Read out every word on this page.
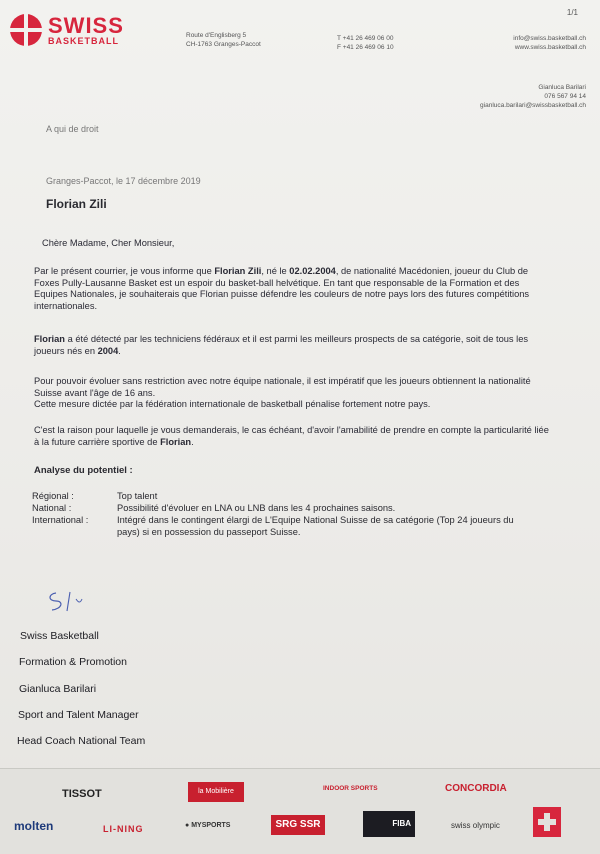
1/1
SWISS
BASKETBALL	Route d'Englisberg 5
CH-1763 Granges-Paccot
T +41 26 469 06 00
F +41 26 469 06 10
info@swiss.basketball.ch
www.swiss.basketball.ch
Gianluca Barilari
076 567 94 14
gianluca.barilari@swissbasketball.ch
A qui de droit
Granges-Paccot, le 17 décembre 2019
Florian Zili
Chère Madame, Cher Monsieur,
Par le présent courrier, je vous informe que Florian Zili, né le 02.02.2004, de nationalité Macédonien, joueur du Club de Foxes Pully-Lausanne Basket est un espoir du basket-ball helvétique. En tant que responsable de la Formation et des Equipes Nationales, je souhaiterais que Florian puisse défendre les couleurs de notre pays lors des futures compétitions internationales.
Florian a été détecté par les techniciens fédéraux et il est parmi les meilleurs prospects de sa catégorie, soit de tous les joueurs nés en 2004.
Pour pouvoir évoluer sans restriction avec notre équipe nationale, il est impératif que les joueurs obtiennent la nationalité Suisse avant l'âge de 16 ans.
Cette mesure dictée par la fédération internationale de basketball pénalise fortement notre pays.
C'est la raison pour laquelle je vous demanderais, le cas échéant, d'avoir l'amabilité de prendre en compte la particularité liée à la future carrière sportive de Florian.
Analyse du potentiel :
Régional :	Top talent
National :	Possibilité d'évoluer en LNA ou LNB dans les 4 prochaines saisons.
International :	Intégré dans le contingent élargi de L'Equipe National Suisse de sa catégorie (Top 24 joueurs du pays) si en possession du passeport Suisse.
Swiss Basketball
Formation & Promotion
Gianluca Barilari
Sport and Talent Manager
Head Coach National Team
TISSOT	la Mobilière	INDOOR SPORTS	CONCORDIA
molten	LI-NING	● MYSPORTS	SRG SSR	FIBA	swiss olympic
